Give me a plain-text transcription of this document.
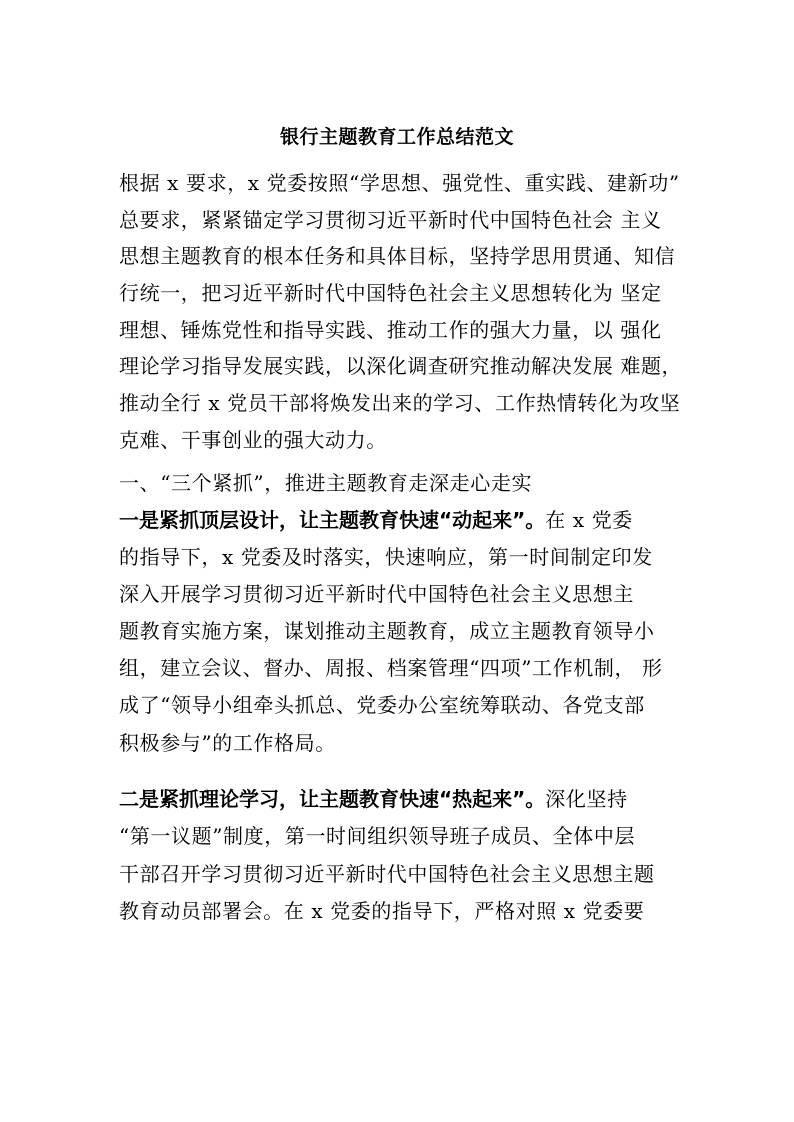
银行主题教育工作总结范文
根据 x 要求，x 党委按照“学思想、强党性、重实践、建新功”
总要求，紧紧锚定学习贯彻习近平新时代中国特色社会 主义
思想主题教育的根本任务和具体目标，坚持学思用贯通、知信
行统一，把习近平新时代中国特色社会主义思想转化为 坚定
理想、锤炼党性和指导实践、推动工作的强大力量，以 强化
理论学习指导发展实践，以深化调查研究推动解决发展 难题，
推动全行 x 党员干部将焕发出来的学习、工作热情转化为攻坚
克难、干事创业的强大动力。
一、“三个紧抓”，推进主题教育走深走心走实
一是紧抓顶层设计，让主题教育快速“动起来”。在 x 党委
的指导下，x 党委及时落实，快速响应，第一时间制定印发
深入开展学习贯彻习近平新时代中国特色社会主义思想主
题教育实施方案，谋划推动主题教育，成立主题教育领导小
组，建立会议、督办、周报、档案管理“四项”工作机制， 形
成了“领导小组牵头抓总、党委办公室统筹联动、各党支部
积极参与”的工作格局。
二是紧抓理论学习，让主题教育快速“热起来”。深化坚持
“第一议题”制度，第一时间组织领导班子成员、全体中层
干部召开学习贯彻习近平新时代中国特色社会主义思想主题
教育动员部署会。在 x 党委的指导下，严格对照 x 党委要
